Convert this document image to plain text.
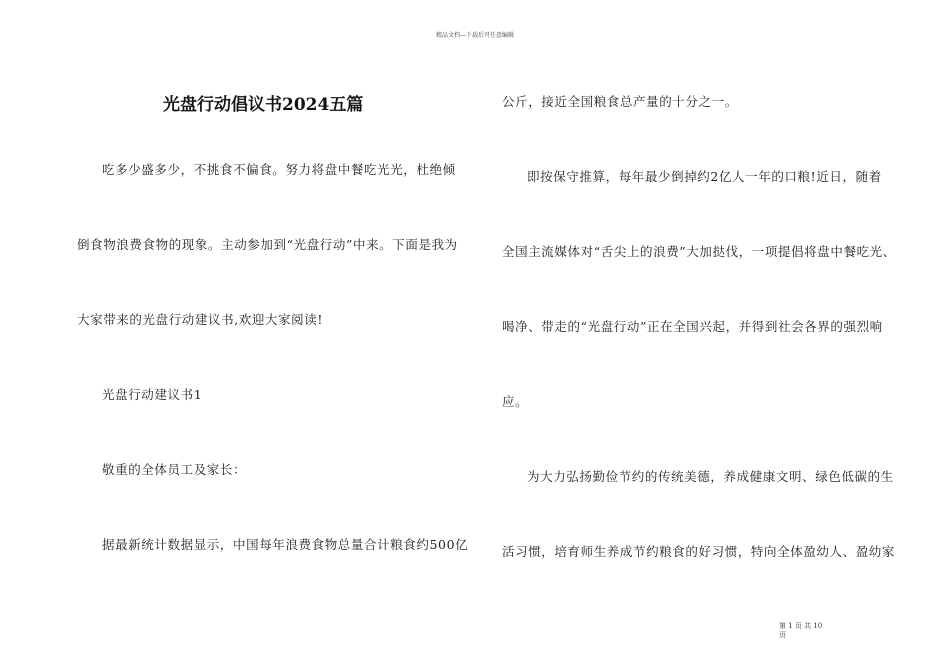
精品文档---下载后可任意编辑
光盘行动倡议书2024五篇
吃多少盛多少，不挑食不偏食。努力将盘中餐吃光光，杜绝倾
倒食物浪费食物的现象。主动参加到“光盘行动”中来。下面是我为
大家带来的光盘行动建议书,欢迎大家阅读!
光盘行动建议书1
敬重的全体员工及家长：
据最新统计数据显示，中国每年浪费食物总量合计粮食约500亿
公斤，接近全国粮食总产量的十分之一。
即按保守推算，每年最少倒掉约2亿人一年的口粮!近日，随着
全国主流媒体对“舌尖上的浪费”大加挞伐，一项提倡将盘中餐吃光、
喝净、带走的“光盘行动”正在全国兴起，并得到社会各界的强烈响
应。
为大力弘扬勤俭节约的传统美德，养成健康文明、绿色低碳的生
活习惯，培育师生养成节约粮食的好习惯，特向全体盈幼人、盈幼家
第 1 页 共 10
页
